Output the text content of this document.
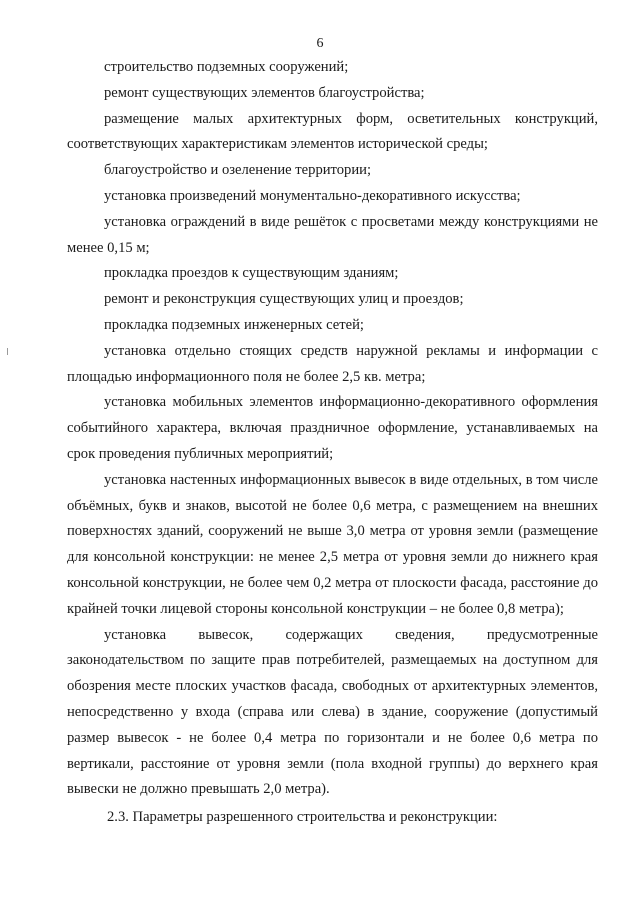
6

строительство подземных сооружений;

ремонт существующих элементов благоустройства;

размещение малых архитектурных форм, осветительных конструкций, соответствующих характеристикам элементов исторической среды;

благоустройство и озеленение территории;

установка произведений монументально-декоративного искусства;

установка ограждений в виде решёток с просветами между конструкциями не менее 0,15 м;

прокладка проездов к существующим зданиям;

ремонт и реконструкция существующих улиц и проездов;

прокладка подземных инженерных сетей;

установка отдельно стоящих средств наружной рекламы и информации с площадью информационного поля не более 2,5 кв. метра;

установка мобильных элементов информационно-декоративного оформления событийного характера, включая праздничное оформление, устанавливаемых на срок проведения публичных мероприятий;

установка настенных информационных вывесок в виде отдельных, в том числе объёмных, букв и знаков, высотой не более 0,6 метра, с размещением на внешних поверхностях зданий, сооружений не выше 3,0 метра от уровня земли (размещение для консольной конструкции: не менее 2,5 метра от уровня земли до нижнего края консольной конструкции, не более чем 0,2 метра от плоскости фасада, расстояние до крайней точки лицевой стороны консольной конструкции – не более 0,8 метра);

установка вывесок, содержащих сведения, предусмотренные законодательством по защите прав потребителей, размещаемых на доступном для обозрения месте плоских участков фасада, свободных от архитектурных элементов, непосредственно у входа (справа или слева) в здание, сооружение (допустимый размер вывесок - не более 0,4 метра по горизонтали и не более 0,6 метра по вертикали, расстояние от уровня земли (пола входной группы) до верхнего края вывески не должно превышать 2,0 метра).

2.3. Параметры разрешенного строительства и реконструкции:
